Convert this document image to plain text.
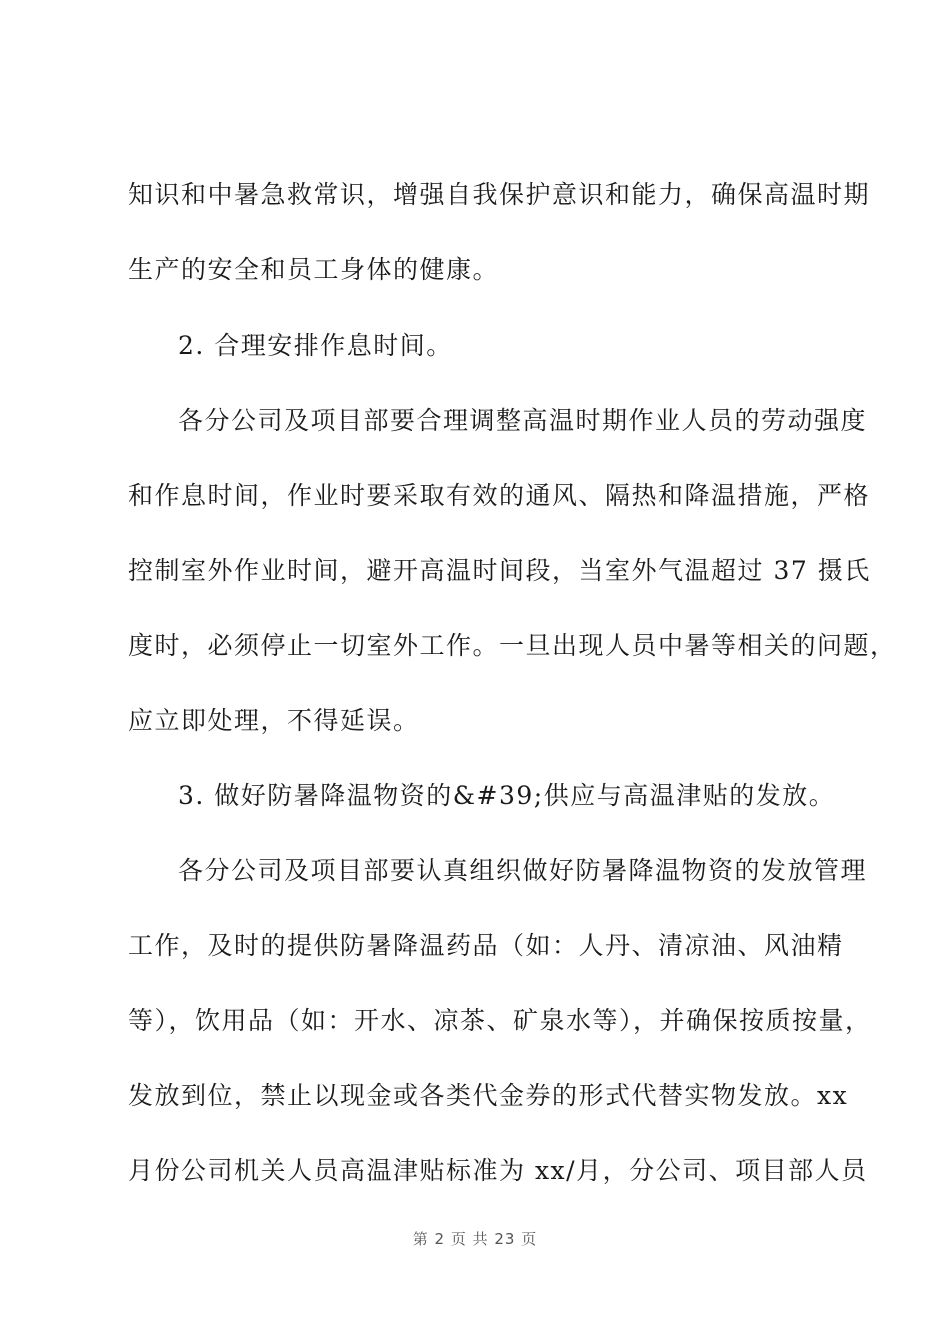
知识和中暑急救常识，增强自我保护意识和能力，确保高温时期
生产的安全和员工身体的健康。
2. 合理安排作息时间。
各分公司及项目部要合理调整高温时期作业人员的劳动强度
和作息时间，作业时要采取有效的通风、隔热和降温措施，严格
控制室外作业时间，避开高温时间段，当室外气温超过 37 摄氏
度时，必须停止一切室外工作。一旦出现人员中暑等相关的问题，
应立即处理，不得延误。
3. 做好防暑降温物资的&#39;供应与高温津贴的发放。
各分公司及项目部要认真组织做好防暑降温物资的发放管理
工作，及时的提供防暑降温药品（如：人丹、清凉油、风油精
等），饮用品（如：开水、凉茶、矿泉水等），并确保按质按量，
发放到位，禁止以现金或各类代金券的形式代替实物发放。xx
月份公司机关人员高温津贴标准为 xx/月，分公司、项目部人员
第 2 页 共 23 页
